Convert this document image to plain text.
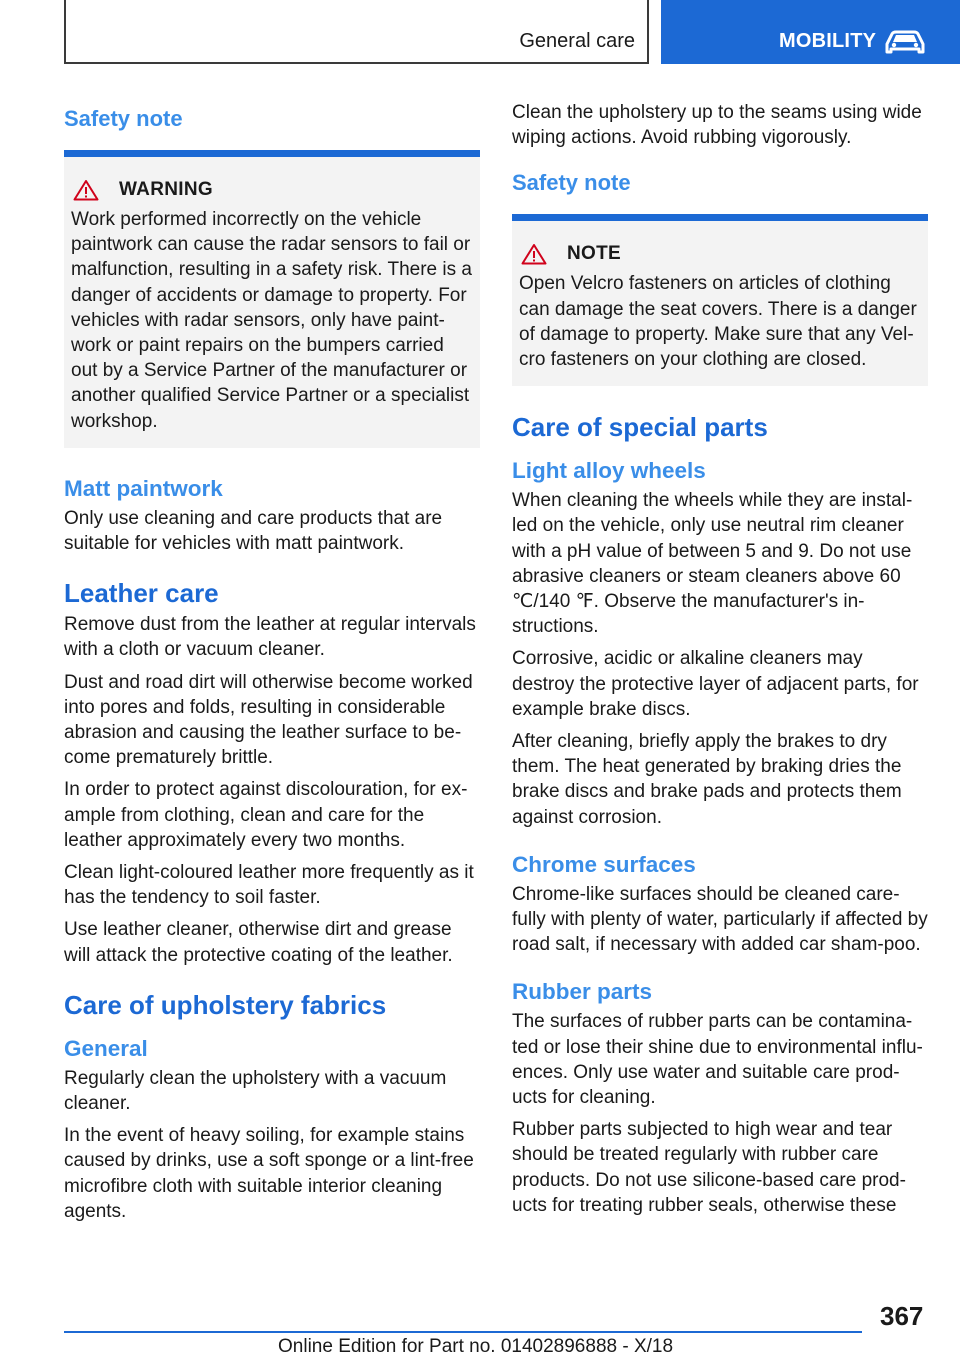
General care	MOBILITY
Safety note
WARNING

Work performed incorrectly on the vehicle paintwork can cause the radar sensors to fail or malfunction, resulting in a safety risk. There is a danger of accidents or damage to property. For vehicles with radar sensors, only have paint-work or paint repairs on the bumpers carried out by a Service Partner of the manufacturer or another qualified Service Partner or a specialist workshop.

Matt paintwork

Only use cleaning and care products that are suitable for vehicles with matt paintwork.

Leather care

Remove dust from the leather at regular intervals with a cloth or vacuum cleaner.

Dust and road dirt will otherwise become worked into pores and folds, resulting in considerable abrasion and causing the leather surface to be-come prematurely brittle.

In order to protect against discolouration, for ex-ample from clothing, clean and care for the leather approximately every two months.

Clean light-coloured leather more frequently as it has the tendency to soil faster.

Use leather cleaner, otherwise dirt and grease will attack the protective coating of the leather.

Care of upholstery fabrics
General

Regularly clean the upholstery with a vacuum cleaner.

In the event of heavy soiling, for example stains caused by drinks, use a soft sponge or a lint-free microfibre cloth with suitable interior cleaning agents.

Clean the upholstery up to the seams using wide wiping actions. Avoid rubbing vigorously.

Safety note
NOTE

Open Velcro fasteners on articles of clothing can damage the seat covers. There is a danger of damage to property. Make sure that any Vel-cro fasteners on your clothing are closed.

Care of special parts
Light alloy wheels

When cleaning the wheels while they are instal-led on the vehicle, only use neutral rim cleaner with a pH value of between 5 and 9. Do not use abrasive cleaners or steam cleaners above 60 ℃/140 ℉. Observe the manufacturer's in-structions.

Corrosive, acidic or alkaline cleaners may destroy the protective layer of adjacent parts, for example brake discs.

After cleaning, briefly apply the brakes to dry them. The heat generated by braking dries the brake discs and brake pads and protects them against corrosion.

Chrome surfaces

Chrome-like surfaces should be cleaned care-fully with plenty of water, particularly if affected by road salt, if necessary with added car sham-poo.

Rubber parts

The surfaces of rubber parts can be contamina-ted or lose their shine due to environmental influ-ences. Only use water and suitable care prod-ucts for cleaning.

Rubber parts subjected to high wear and tear should be treated regularly with rubber care products. Do not use silicone-based care prod-ucts for treating rubber seals, otherwise these

367
Online Edition for Part no. 01402896888 - X/18
